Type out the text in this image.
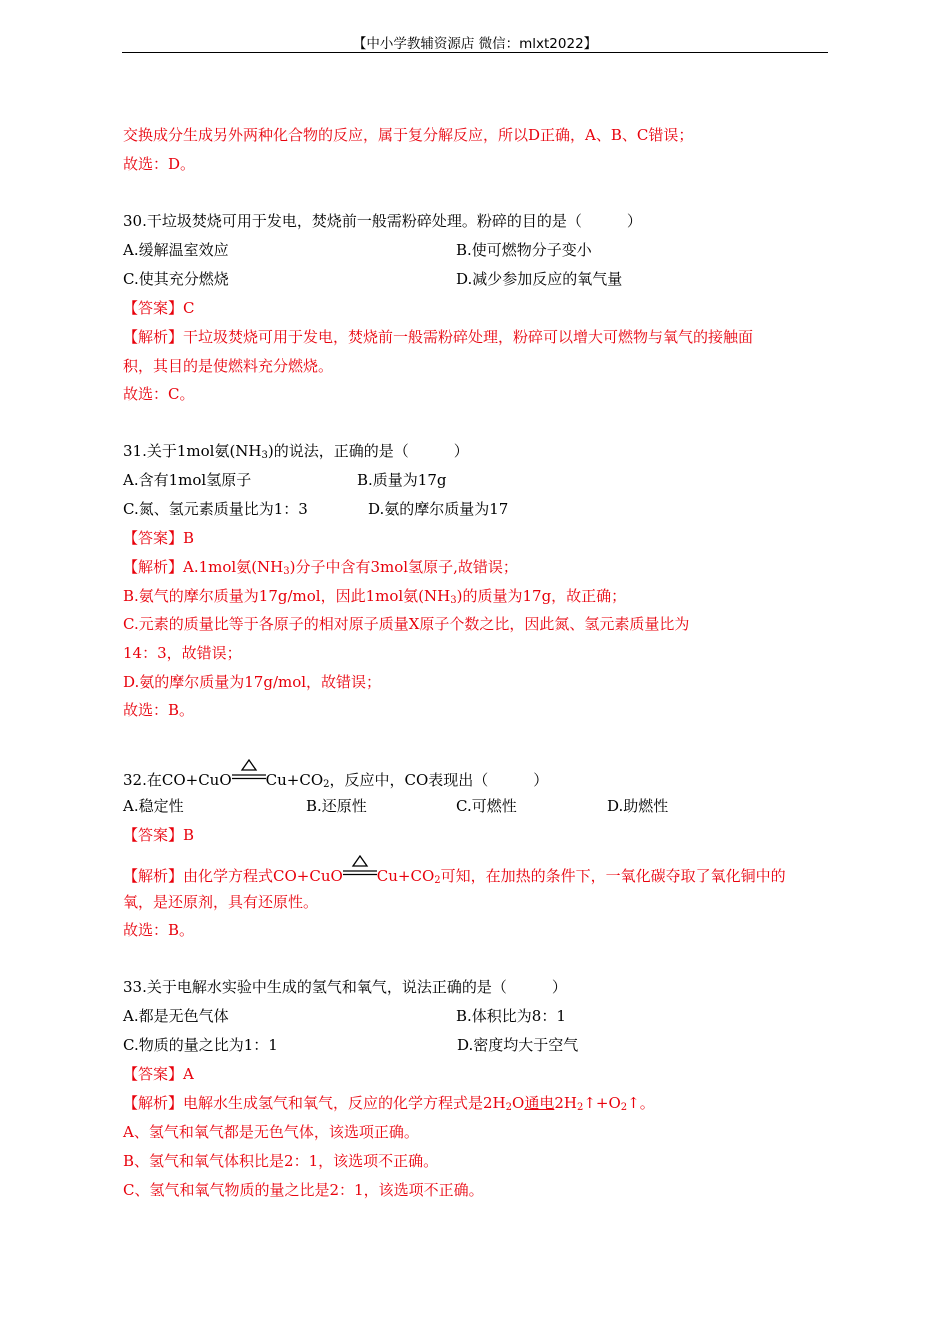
【中小学教辅资源店 微信：mlxt2022】
交换成分生成另外两种化合物的反应，属于复分解反应，所以D正确，A、B、C错误；
故选：D。
30.干垃圾焚烧可用于发电，焚烧前一般需粉碎处理。粉碎的目的是（　　　）
A.缓解温室效应	B.使可燃物分子变小
C.使其充分燃烧	D.减少参加反应的氧气量
【答案】C
【解析】干垃圾焚烧可用于发电，焚烧前一般需粉碎处理，粉碎可以增大可燃物与氧气的接触面
积，其目的是使燃料充分燃烧。
故选：C。
31.关于1mol氨$(NH_3)$的说法，正确的是（　　　）
A.含有1mol氢原子	B.质量为17g
C.氮、氢元素质量比为1：3	D.氨的摩尔质量为17
【答案】B
【解析】A.1mol氨$(NH_3)$分子中含有3mol氢原子,故错误；
B.氨气的摩尔质量为17g/mol，因此1mol氨$(NH_3)$的质量为17g，故正确；
C.元素的质量比等于各原子的相对原子质量X原子个数之比，因此氮、氢元素质量比为
14：3，故错误；
D.氨的摩尔质量为17g/mol，故错误；
故选：B。
32.在CO+CuO $Cu+CO_2$，反应中，CO表现出（　　　）
A.稳定性	B.还原性	C.可燃性	D.助燃性
【答案】B
【解析】由化学方程式CO+CuO $Cu+CO_2$可知，在加热的条件下，一氧化碳夺取了氧化铜中的
氧，是还原剂，具有还原性。
故选：B。
33.关于电解水实验中生成的氢气和氧气，说法正确的是（　　　）
A.都是无色气体	B.体积比为8：1
C.物质的量之比为1：1	D.密度均大于空气
【答案】A
【解析】电解水生成氢气和氧气，反应的化学方程式是$2H_2O$通电$2H_2↑+O_2↑$。
A、氢气和氧气都是无色气体，该选项正确。
B、氢气和氧气体积比是2：1，该选项不正确。
C、氢气和氧气物质的量之比是2：1，该选项不正确。
